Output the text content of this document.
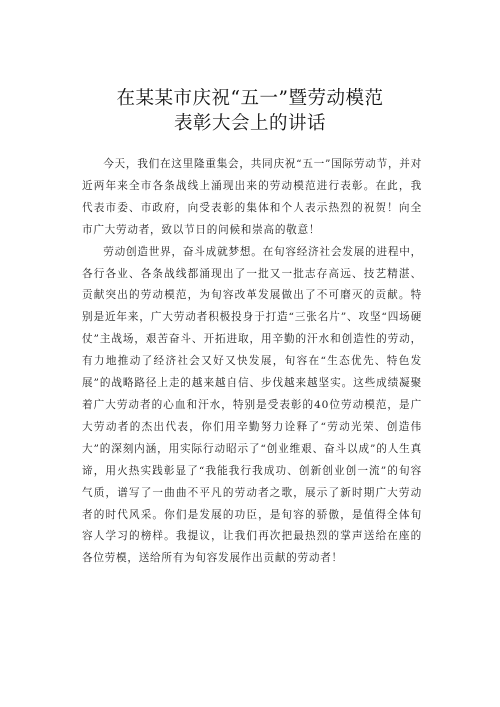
在某某市庆祝“五一”暨劳动模范
表彰大会上的讲话

今天，我们在这里隆重集会，共同庆祝“五一”国际劳动节，并对近两年来全市各条战线上涌现出来的劳动模范进行表彰。在此，我代表市委、市政府，向受表彰的集体和个人表示热烈的祝贺！向全市广大劳动者，致以节日的问候和崇高的敬意！

劳动创造世界，奋斗成就梦想。在旬容经济社会发展的进程中，各行各业、各条战线都涌现出了一批又一批志存高远、技艺精湛、贡献突出的劳动模范，为旬容改革发展做出了不可磨灭的贡献。特别是近年来，广大劳动者积极投身于打造“三张名片”、攻坚“四场硬仗”主战场，艰苦奋斗、开拓进取，用辛勤的汗水和创造性的劳动，有力地推动了经济社会又好又快发展，旬容在“生态优先、特色发展”的战略路径上走的越来越自信、步伐越来越坚实。这些成绩凝聚着广大劳动者的心血和汗水，特别是受表彰的40位劳动模范，是广大劳动者的杰出代表，你们用辛勤努力诠释了“劳动光荣、创造伟大”的深刻内涵，用实际行动昭示了“创业维艰、奋斗以成”的人生真谛，用火热实践彰显了“我能我行我成功、创新创业创一流”的旬容气质，谱写了一曲曲不平凡的劳动者之歌，展示了新时期广大劳动者的时代风采。你们是发展的功臣，是旬容的骄傲，是值得全体旬容人学习的榜样。我提议，让我们再次把最热烈的掌声送给在座的各位劳模，送给所有为旬容发展作出贡献的劳动者！
